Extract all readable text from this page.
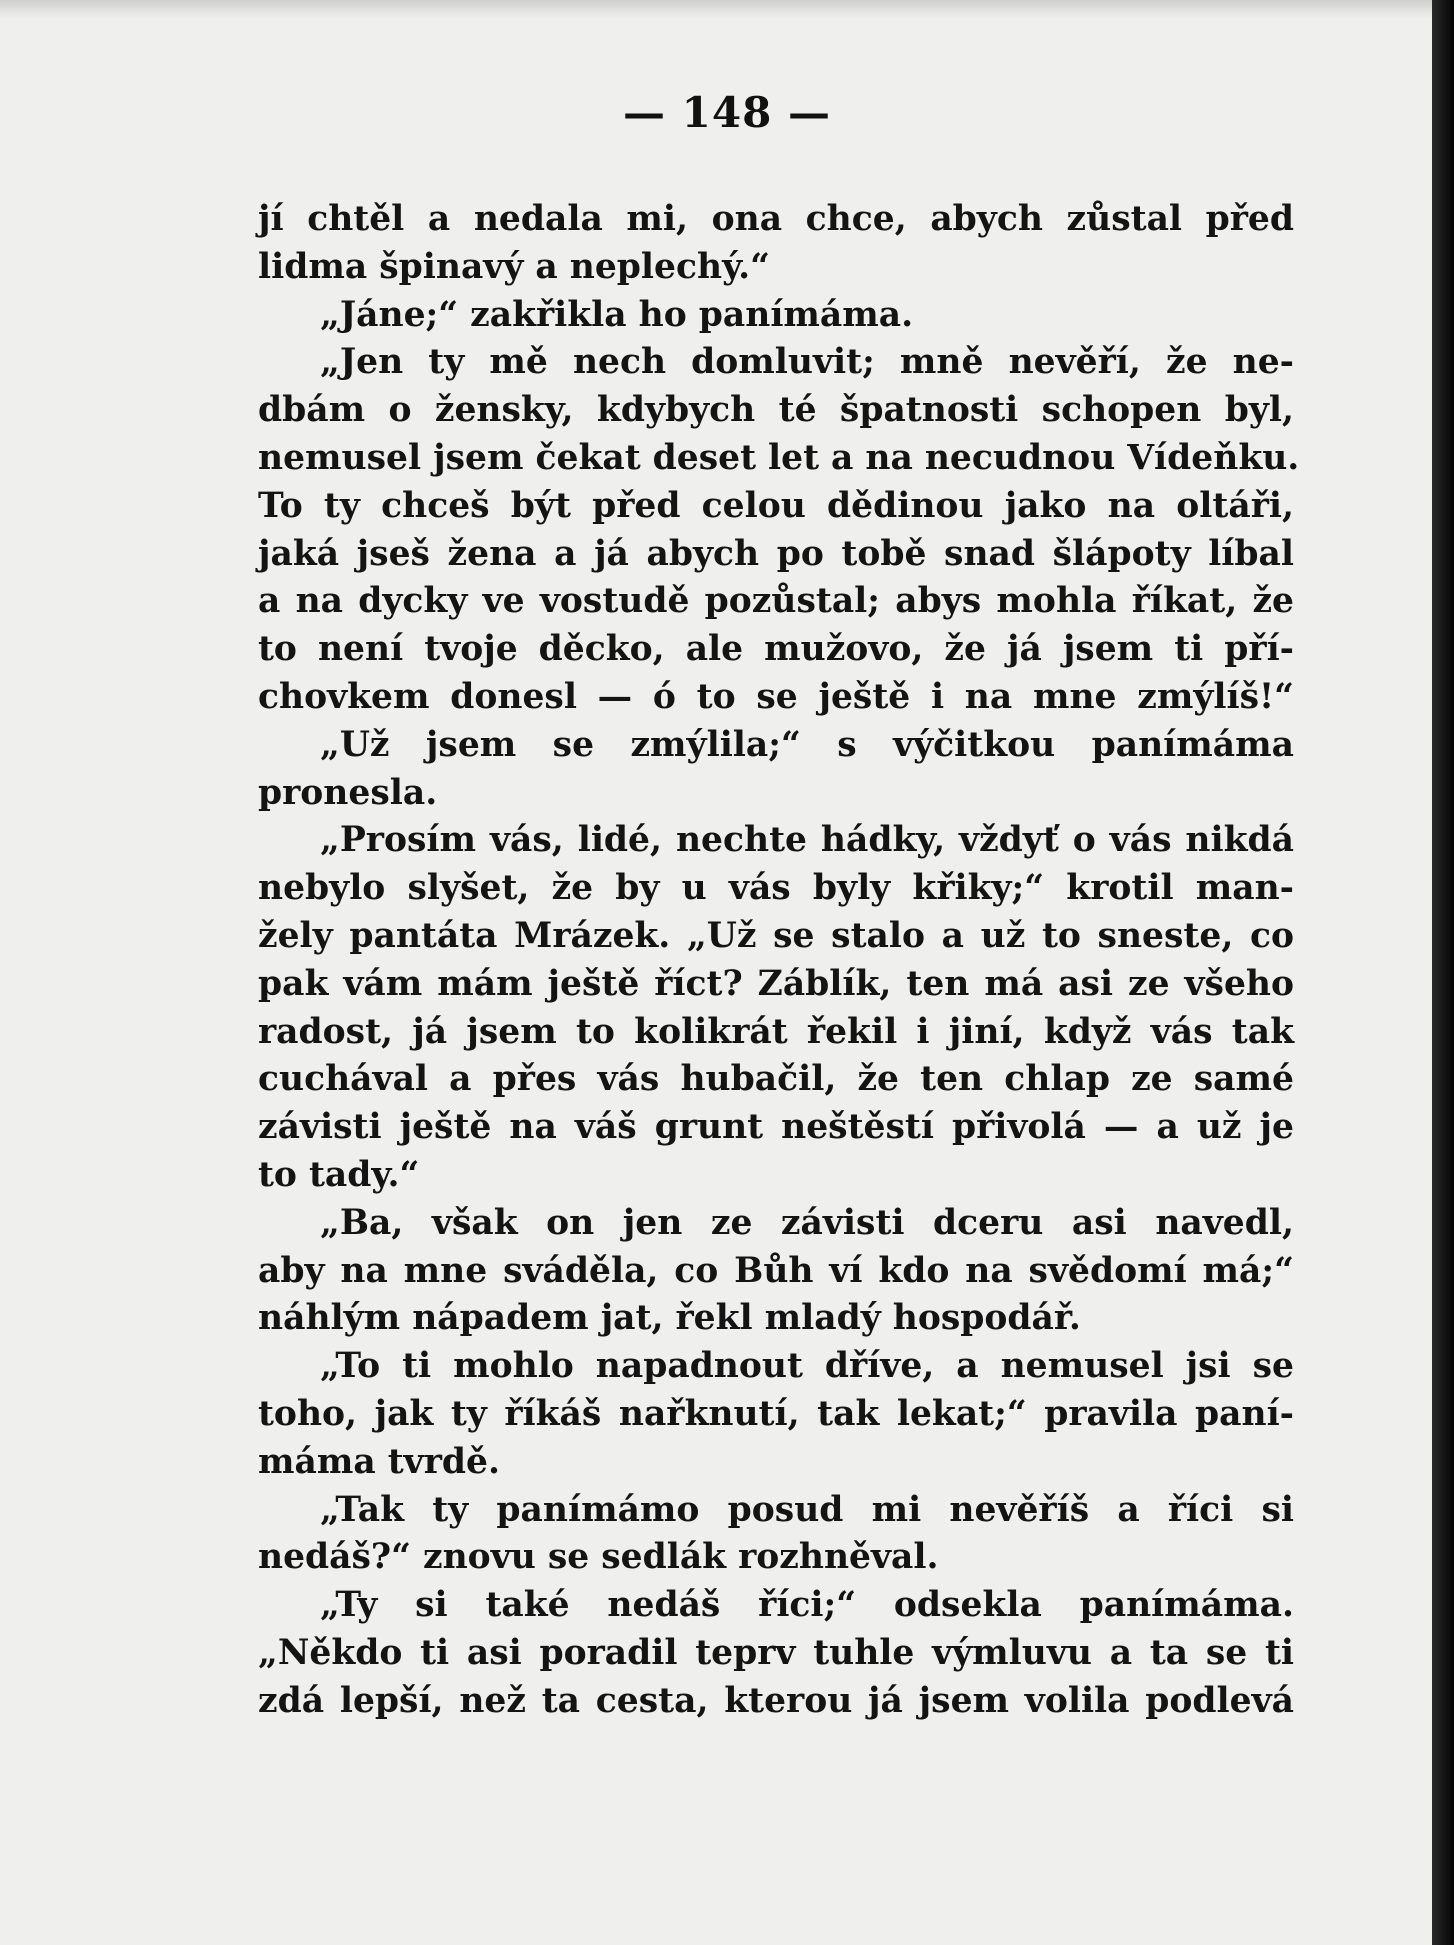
— 148 —
jí chtěl a nedala mi, ona chce, abych zůstal před
lidma špinavý a neplechý.“
„Jáne;“ zakřikla ho panímáma.
„Jen ty mě nech domluvit; mně nevěří, že ne-
dbám o žensky, kdybych té špatnosti schopen byl,
nemusel jsem čekat deset let a na necudnou Vídeňku.
To ty chceš být před celou dědinou jako na oltáři,
jaká jseš žena a já abych po tobě snad šlápoty líbal
a na dycky ve vostudě pozůstal; abys mohla říkat, že
to není tvoje děcko, ale mužovo, že já jsem ti pří-
chovkem donesl — ó to se ještě i na mne zmýlíš!“
„Už jsem se zmýlila;“ s výčitkou panímáma
pronesla.
„Prosím vás, lidé, nechte hádky, vždyť o vás nikdá
nebylo slyšet, že by u vás byly křiky;“ krotil man-
žely pantáta Mrázek. „Už se stalo a už to sneste, co
pak vám mám ještě říct? Záblík, ten má asi ze všeho
radost, já jsem to kolikrát řekil i jiní, když vás tak
cuchával a přes vás hubačil, že ten chlap ze samé
závisti ještě na váš grunt neštěstí přivolá — a už je
to tady.“
„Ba, však on jen ze závisti dceru asi navedl,
aby na mne sváděla, co Bůh ví kdo na svědomí má;“
náhlým nápadem jat, řekl mladý hospodář.
„To ti mohlo napadnout dříve, a nemusel jsi se
toho, jak ty říkáš nařknutí, tak lekat;“ pravila paní-
máma tvrdě.
„Tak ty panímámo posud mi nevěříš a říci si
nedáš?“ znovu se sedlák rozhněval.
„Ty si také nedáš říci;“ odsekla panímáma.
„Někdo ti asi poradil teprv tuhle výmluvu a ta se ti
zdá lepší, než ta cesta, kterou já jsem volila podlevá
